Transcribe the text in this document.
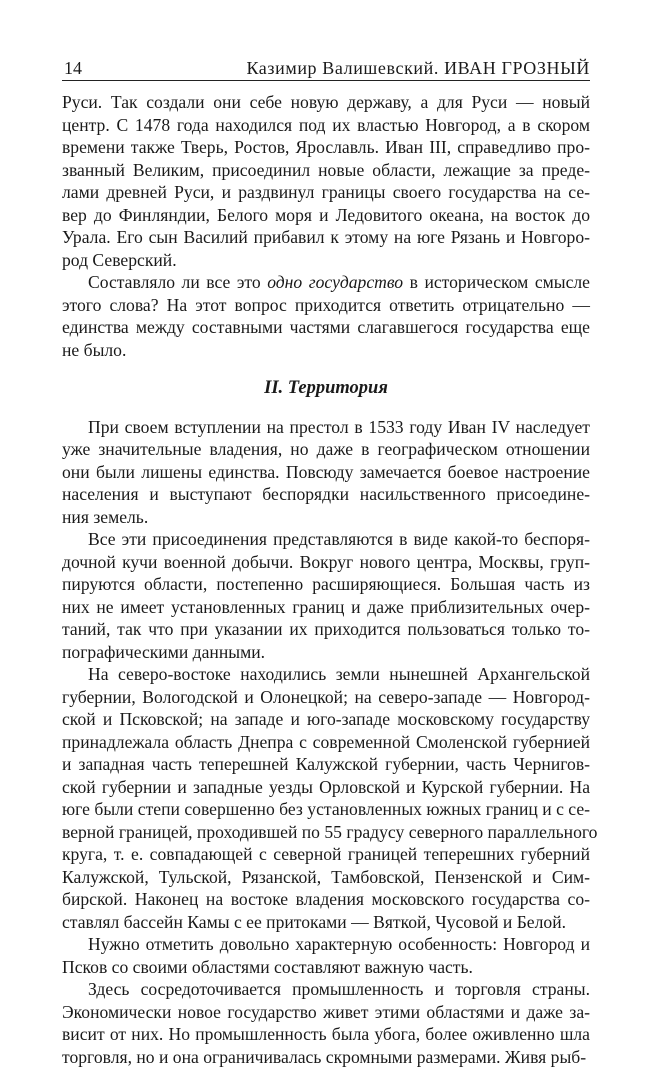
14	Казимир Валишевский. ИВАН ГРОЗНЫЙ
Руси. Так создали они себе новую державу, а для Руси — новый
центр. С 1478 года находился под их властью Новгород, а в скором
времени также Тверь, Ростов, Ярославль. Иван III, справедливо про-
званный Великим, присоединил новые области, лежащие за преде-
лами древней Руси, и раздвинул границы своего государства на се-
вер до Финляндии, Белого моря и Ледовитого океана, на восток до
Урала. Его сын Василий прибавил к этому на юге Рязань и Новгоро-
род Северский.
Составляло ли все это одно государство в историческом смысле
этого слова? На этот вопрос приходится ответить отрицательно —
единства между составными частями слагавшегося государства еще
не было.
II. Территория
При своем вступлении на престол в 1533 году Иван IV наследует
уже значительные владения, но даже в географическом отношении
они были лишены единства. Повсюду замечается боевое настроение
населения и выступают беспорядки насильственного присоедине-
ния земель.
Все эти присоединения представляются в виде какой-то беспоря-
дочной кучи военной добычи. Вокруг нового центра, Москвы, груп-
пируются области, постепенно расширяющиеся. Большая часть из
них не имеет установленных границ и даже приблизительных очер-
таний, так что при указании их приходится пользоваться только то-
пографическими данными.
На северо-востоке находились земли нынешней Архангельской
губернии, Вологодской и Олонецкой; на северо-западе — Новгород-
ской и Псковской; на западе и юго-западе московскому государству
принадлежала область Днепра с современной Смоленской губернией
и западная часть теперешней Калужской губернии, часть Чернигов-
ской губернии и западные уезды Орловской и Курской губернии. На
юге были степи совершенно без установленных южных границ и с се-
верной границей, проходившей по 55 градусу северного параллельного
круга, т. е. совпадающей с северной границей теперешних губерний
Калужской, Тульской, Рязанской, Тамбовской, Пензенской и Сим-
бирской. Наконец на востоке владения московского государства со-
ставлял бассейн Камы с ее притоками — Вяткой, Чусовой и Белой.
Нужно отметить довольно характерную особенность: Новгород и
Псков со своими областями составляют важную часть.
Здесь сосредоточивается промышленность и торговля страны.
Экономически новое государство живет этими областями и даже за-
висит от них. Но промышленность была убога, более оживленно шла
торговля, но и она ограничивалась скромными размерами. Живя рыб-
